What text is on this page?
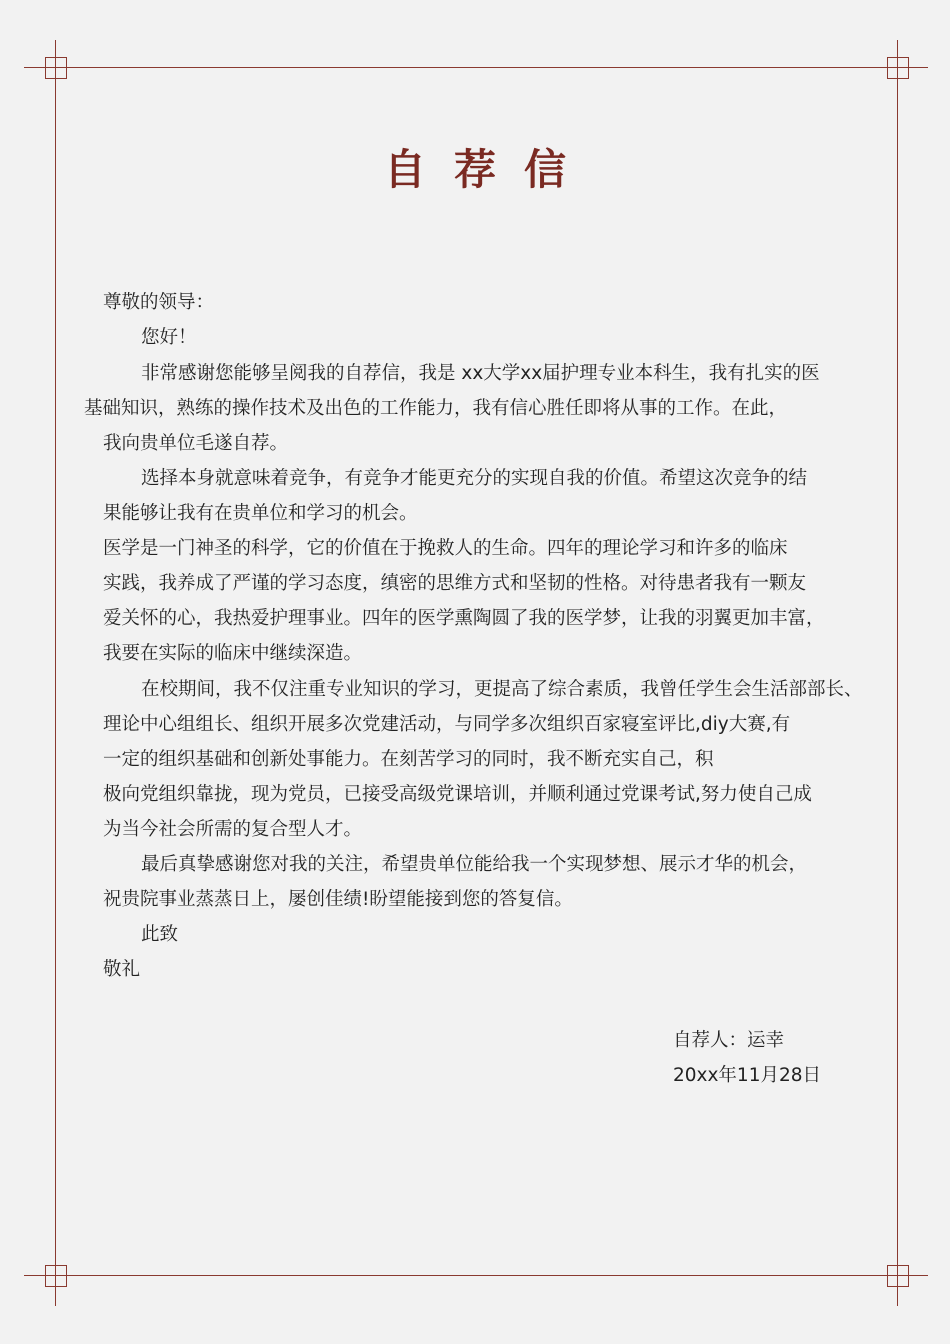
自荐信
尊敬的领导：
您好！
非常感谢您能够呈阅我的自荐信，我是 xx大学xx届护理专业本科生，我有扎实的医
基础知识，熟练的操作技术及出色的工作能力，我有信心胜任即将从事的工作。在此，
我向贵单位毛遂自荐。
选择本身就意味着竞争，有竞争才能更充分的实现自我的价值。希望这次竞争的结
果能够让我有在贵单位和学习的机会。
医学是一门神圣的科学，它的价值在于挽救人的生命。四年的理论学习和许多的临床
实践，我养成了严谨的学习态度，缜密的思维方式和坚韧的性格。对待患者我有一颗友
爱关怀的心，我热爱护理事业。四年的医学熏陶圆了我的医学梦，让我的羽翼更加丰富，
我要在实际的临床中继续深造。
在校期间，我不仅注重专业知识的学习，更提高了综合素质，我曾任学生会生活部部长、
理论中心组组长、组织开展多次党建活动，与同学多次组织百家寝室评比,diy大赛,有
一定的组织基础和创新处事能力。在刻苦学习的同时，我不断充实自己，积
极向党组织靠拢，现为党员，已接受高级党课培训，并顺利通过党课考试,努力使自己成
为当今社会所需的复合型人才。
最后真挚感谢您对我的关注，希望贵单位能给我一个实现梦想、展示才华的机会，
祝贵院事业蒸蒸日上，屡创佳绩!盼望能接到您的答复信。
此致
敬礼
自荐人：运幸
20xx年11月28日
